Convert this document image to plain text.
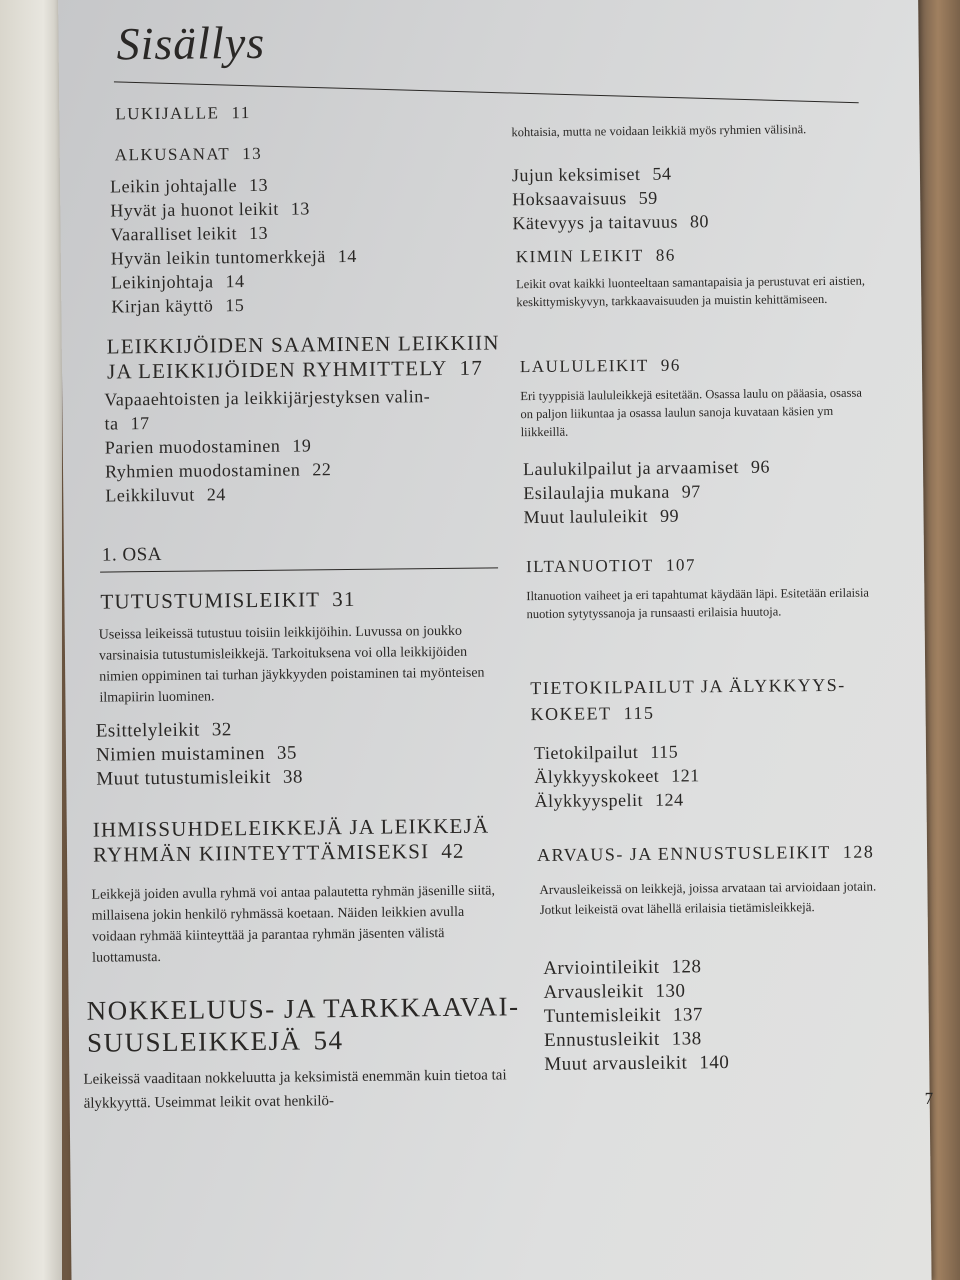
Sisällys
LUKIJALLE 11
ALKUSANAT 13
Leikin johtajalle 13
Hyvät ja huonot leikit 13
Vaaralliset leikit 13
Hyvän leikin tuntomerkkejä 14
Leikinjohtaja 14
Kirjan käyttö 15
LEIKKIJÖIDEN SAAMINEN LEIKKIIN
JA LEIKKIJÖIDEN RYHMITTELY 17
Vapaaehtoisten ja leikkijärjestyksen valin-
ta 17
Parien muodostaminen 19
Ryhmien muodostaminen 22
Leikkiluvut 24
1. OSA
TUTUSTUMISLEIKIT 31
Useissa leikeissä tutustuu toisiin leikkijöihin. Luvussa on joukko varsinaisia tutustumisleikkejä. Tarkoituksena voi olla leikkijöiden nimien oppiminen tai turhan jäykkyyden poistaminen tai myönteisen ilmapiirin luominen.
Esittelyleikit 32
Nimien muistaminen 35
Muut tutustumisleikit 38
IHMISSUHDELEIKKEJÄ JA LEIKKEJÄ
RYHMÄN KIINTEYTTÄMISEKSI 42
Leikkejä joiden avulla ryhmä voi antaa palautetta ryhmän jäsenille siitä, millaisena jokin henkilö ryhmässä koetaan. Näiden leikkien avulla voidaan ryhmää kiinteyttää ja parantaa ryhmän jäsenten välistä luottamusta.
NOKKELUUS- JA TARKKAAVAI-
SUUSLEIKKEJÄ 54
Leikeissä vaaditaan nokkeluutta ja keksimistä enemmän kuin tietoa tai älykkyyttä. Useimmat leikit ovat henkilö-
kohtaisia, mutta ne voidaan leikkiä myös ryhmien välisinä.
Jujun keksimiset 54
Hoksaavaisuus 59
Kätevyys ja taitavuus 80
KIMIN LEIKIT 86
Leikit ovat kaikki luonteeltaan samantapaisia ja perustuvat eri aistien, keskittymiskyvyn, tarkkaavaisuuden ja muistin kehittämiseen.
LAULULEIKIT 96
Eri tyyppisiä laululeikkejä esitetään. Osassa laulu on pääasia, osassa on paljon liikuntaa ja osassa laulun sanoja kuvataan käsien ym liikkeillä.
Laulukilpailut ja arvaamiset 96
Esilaulajia mukana 97
Muut laululeikit 99
ILTANUOTIOT 107
Iltanuotion vaiheet ja eri tapahtumat käydään läpi. Esitetään erilaisia nuotion sytytyssanoja ja runsaasti erilaisia huutoja.
TIETOKILPAILUT JA ÄLYKKYYS-
KOKEET 115
Tietokilpailut 115
Älykkyyskokeet 121
Älykkyyspelit 124
ARVAUS- JA ENNUSTUSLEIKIT 128
Arvausleikeissä on leikkejä, joissa arvataan tai arvioidaan jotain. Jotkut leikeistä ovat lähellä erilaisia tietämisleikkejä.
Arviointileikit 128
Arvausleikit 130
Tuntemisleikit 137
Ennustusleikit 138
Muut arvausleikit 140
7
